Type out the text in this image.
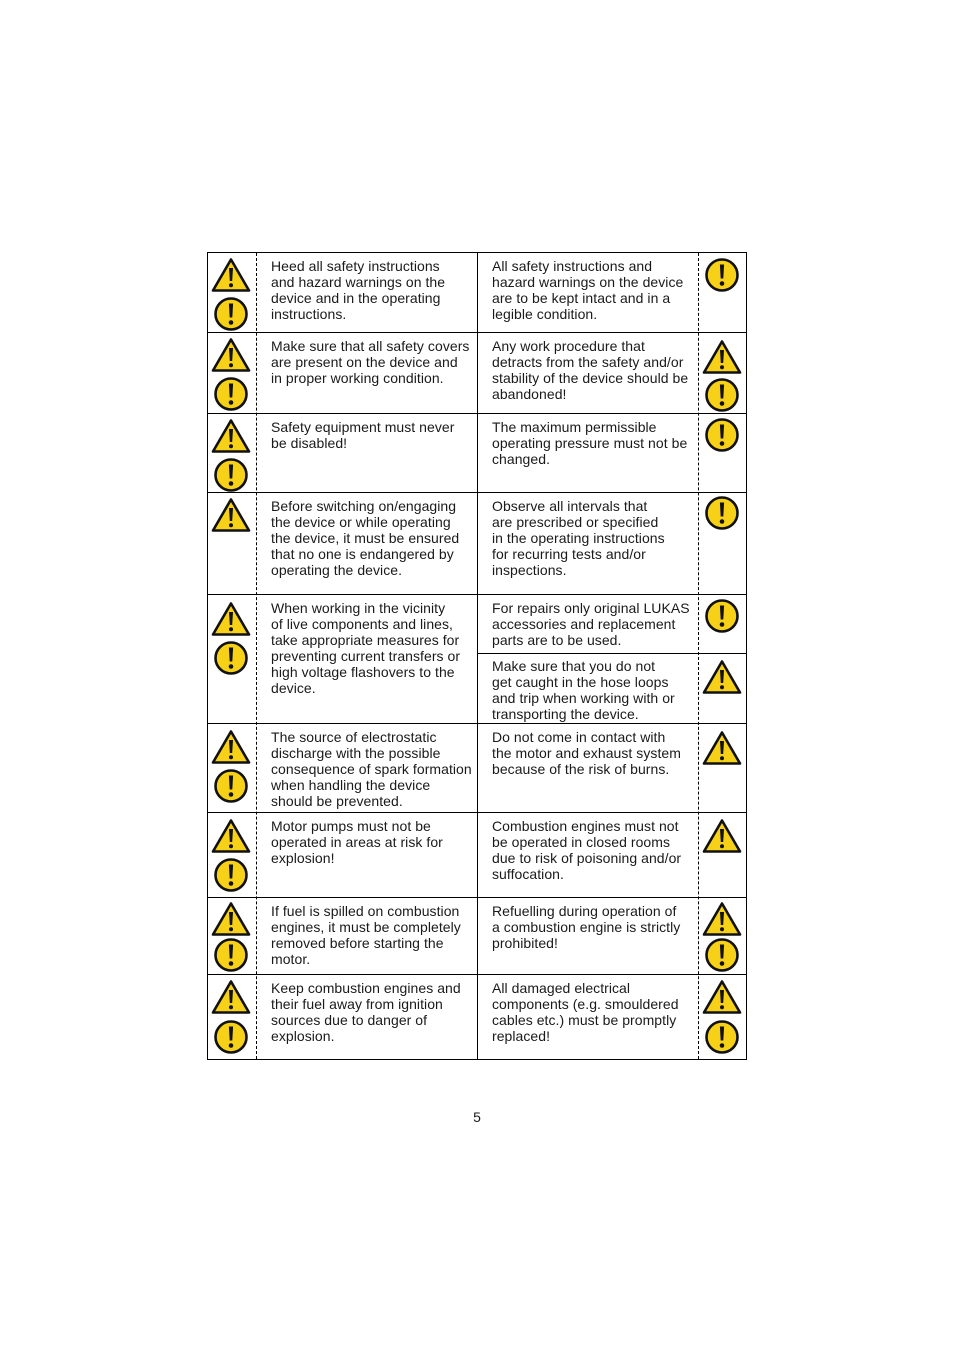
Heed all safety instructions
and hazard warnings on the
device and in the operating
instructions.

All safety instructions and
hazard warnings on the device
are to be kept intact and in a
legible condition.

Make sure that all safety covers
are present on the device and
in proper working condition.

Any work procedure that
detracts from the safety and/or
stability of the device should be
abandoned!

Safety equipment must never
be disabled!

The maximum permissible
operating pressure must not be
changed.

Before switching on/engaging
the device or while operating
the device, it must be ensured
that no one is endangered by
operating the device.

Observe all intervals that
are prescribed or specified
in the operating instructions
for recurring tests and/or
inspections.

When working in the vicinity
of live components and lines,
take appropriate measures for
preventing current transfers or
high voltage flashovers to the
device.

For repairs only original LUKAS
accessories and replacement
parts are to be used.

Make sure that you do not
get caught in the hose loops
and trip when working with or
transporting the device.

The source of electrostatic
discharge with the possible
consequence of spark formation
when handling the device
should be prevented.

Do not come in contact with
the motor and exhaust system
because of the risk of burns.

Motor pumps must not be
operated in areas at risk for
explosion!

Combustion engines must not
be operated in closed rooms
due to risk of poisoning and/or
suffocation.

If fuel is spilled on combustion
engines, it must be completely
removed before starting the
motor.

Refuelling during operation of
a combustion engine is strictly
prohibited!

Keep combustion engines and
their fuel away from ignition
sources due to danger of
explosion.

All damaged electrical
components (e.g. smouldered
cables etc.) must be promptly
replaced!

5
